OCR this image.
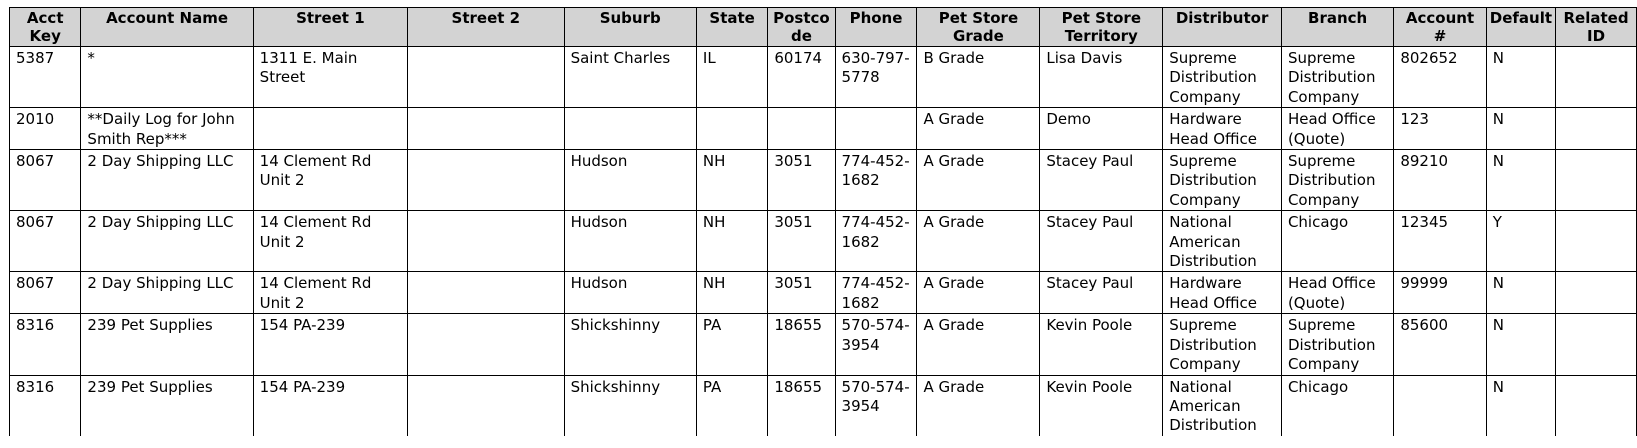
Acct Key	Account Name	Street 1	Street 2	Suburb	State	Postcode	Phone	Pet Store Grade	Pet Store Territory	Distributor	Branch	Account #	Default	Related ID
5387	*	1311 E. Main Street		Saint Charles	IL	60174	630-797-5778	B Grade	Lisa Davis	Supreme Distribution Company	Supreme Distribution Company	802652	N	
2010	**Daily Log for John Smith Rep***							A Grade	Demo	Hardware Head Office	Head Office (Quote)	123	N	
8067	2 Day Shipping LLC	14 Clement Rd Unit 2		Hudson	NH	3051	774-452-1682	A Grade	Stacey Paul	Supreme Distribution Company	Supreme Distribution Company	89210	N	
8067	2 Day Shipping LLC	14 Clement Rd Unit 2		Hudson	NH	3051	774-452-1682	A Grade	Stacey Paul	National American Distribution	Chicago	12345	Y	
8067	2 Day Shipping LLC	14 Clement Rd Unit 2		Hudson	NH	3051	774-452-1682	A Grade	Stacey Paul	Hardware Head Office	Head Office (Quote)	99999	N	
8316	239 Pet Supplies	154 PA-239		Shickshinny	PA	18655	570-574-3954	A Grade	Kevin Poole	Supreme Distribution Company	Supreme Distribution Company	85600	N	
8316	239 Pet Supplies	154 PA-239		Shickshinny	PA	18655	570-574-3954	A Grade	Kevin Poole	National American Distribution	Chicago		N	
